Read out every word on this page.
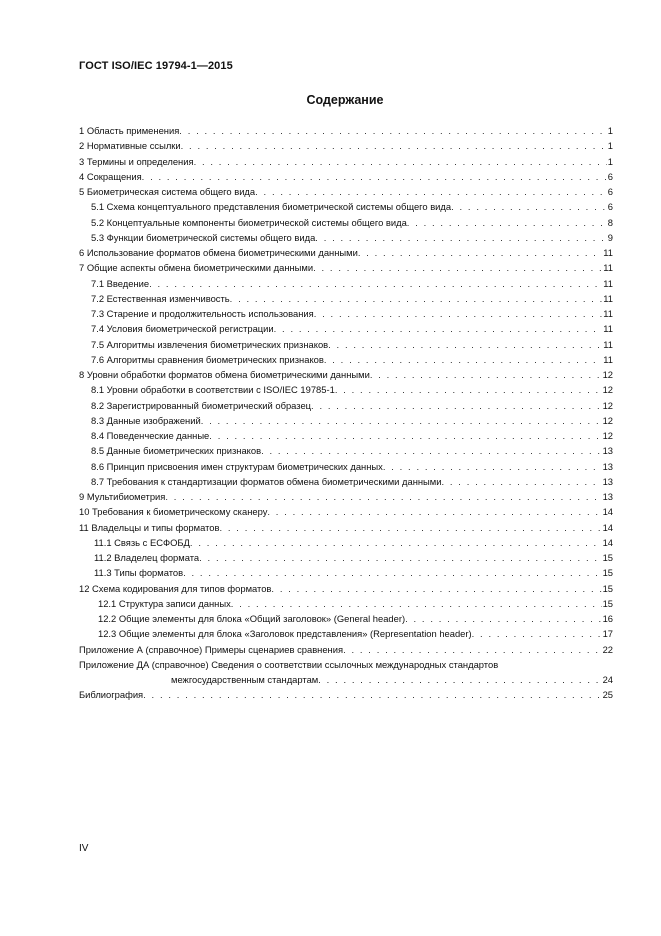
ГОСТ ISO/IEC 19794-1—2015
Содержание
1 Область применения . . .	1
2 Нормативные ссылки . . .	1
3 Термины и определения . . .	1
4 Сокращения . . .	6
5 Биометрическая система общего вида . . .	6
5.1 Схема концептуального представления биометрической системы общего вида . . .	6
5.2 Концептуальные компоненты биометрической системы общего вида . . .	8
5.3 Функции биометрической системы общего вида . . .	9
6 Использование форматов обмена биометрическими данными . . .	11
7 Общие аспекты обмена биометрическими данными . . .	11
7.1 Введение . . .	11
7.2 Естественная изменчивость . . .	11
7.3 Старение и продолжительность использования . . .	11
7.4 Условия биометрической регистрации . . .	11
7.5 Алгоритмы извлечения биометрических признаков . . .	11
7.6 Алгоритмы сравнения биометрических признаков . . .	11
8 Уровни обработки форматов обмена биометрическими данными . . .	12
8.1 Уровни обработки в соответствии с ISO/IEC 19785-1 . . .	12
8.2 Зарегистрированный биометрический образец . . .	12
8.3 Данные изображений . . .	12
8.4 Поведенческие данные . . .	12
8.5 Данные биометрических признаков . . .	13
8.6 Принцип присвоения имен структурам биометрических данных . . .	13
8.7 Требования к стандартизации форматов обмена биометрическими данными . . .	13
9 Мультибиометрия . . .	13
10 Требования к биометрическому сканеру . . .	14
11 Владельцы и типы форматов . . .	14
11.1 Связь с ЕСФОБД . . .	14
11.2 Владелец формата . . .	15
11.3 Типы форматов . . .	15
12 Схема кодирования для типов форматов . . .	15
12.1 Структура записи данных . . .	15
12.2 Общие элементы для блока «Общий заголовок» (General header) . . .	16
12.3 Общие элементы для блока «Заголовок представления» (Representation header) . . .	17
Приложение А (справочное) Примеры сценариев сравнения . . .	22
Приложение ДА (справочное) Сведения о соответствии ссылочных международных стандартов
межгосударственным стандартам . . .	24
Библиография . . .	25
IV
